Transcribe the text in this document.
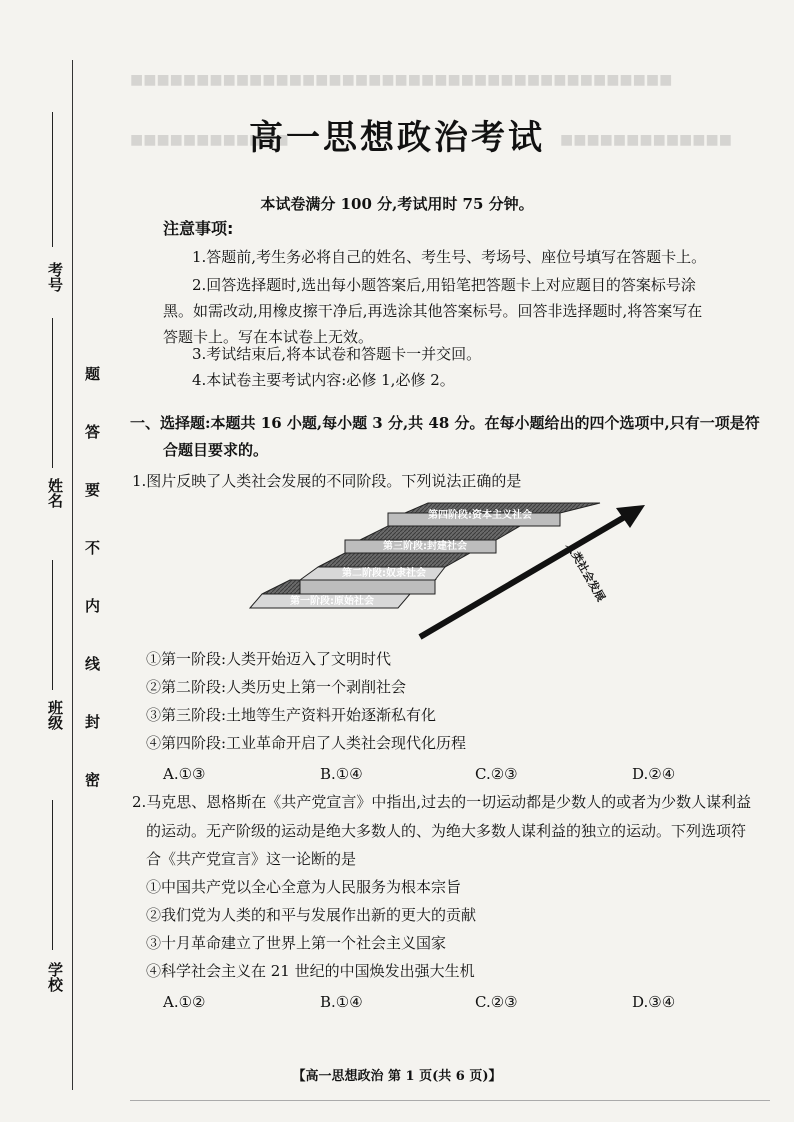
■■■■■■■■■■■■■■■■■■■■■■■■■■■■■■■■■■■■■■■■■
■■■■■■■■■■■■	■■■■■■■■■■■■■
考号
姓名
班级
学校
题
答
要
不
内
线
封
密
高一思想政治考试
本试卷满分 100 分,考试用时 75 分钟。
注意事项:
1.答题前,考生务必将自己的姓名、考生号、考场号、座位号填写在答题卡上。
2.回答选择题时,选出每小题答案后,用铅笔把答题卡上对应题目的答案标号涂
黑。如需改动,用橡皮擦干净后,再选涂其他答案标号。回答非选择题时,将答案写在
答题卡上。写在本试卷上无效。
3.考试结束后,将本试卷和答题卡一并交回。
4.本试卷主要考试内容:必修 1,必修 2。
一、选择题:本题共 16 小题,每小题 3 分,共 48 分。在每小题给出的四个选项中,只有一项是符
合题目要求的。
1.图片反映了人类社会发展的不同阶段。下列说法正确的是
第一阶段:原始社会
第二阶段:奴隶社会
第三阶段:封建社会
第四阶段:资本主义社会
人类社会发展
①第一阶段:人类开始迈入了文明时代
②第二阶段:人类历史上第一个剥削社会
③第三阶段:土地等生产资料开始逐渐私有化
④第四阶段:工业革命开启了人类社会现代化历程
A.①③	B.①④	C.②③	D.②④
2.马克思、恩格斯在《共产党宣言》中指出,过去的一切运动都是少数人的或者为少数人谋利益
的运动。无产阶级的运动是绝大多数人的、为绝大多数人谋利益的独立的运动。下列选项符
合《共产党宣言》这一论断的是
①中国共产党以全心全意为人民服务为根本宗旨
②我们党为人类的和平与发展作出新的更大的贡献
③十月革命建立了世界上第一个社会主义国家
④科学社会主义在 21 世纪的中国焕发出强大生机
A.①②	B.①④	C.②③	D.③④
【高一思想政治 第 1 页(共 6 页)】
